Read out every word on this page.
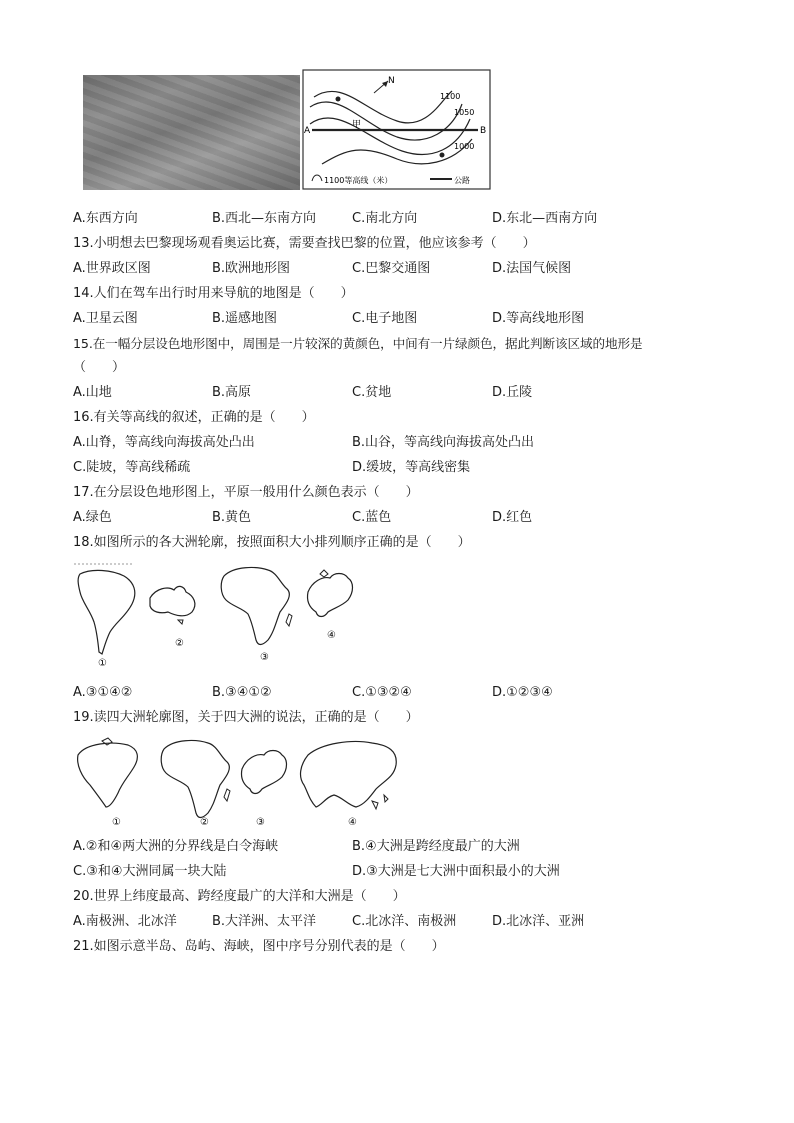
N
A	B
甲
1100
1050
1000
1100等高线（米）	公路
A.东西方向	B.西北—东南方向	C.南北方向	D.东北—西南方向
13.小明想去巴黎现场观看奥运比赛，需要查找巴黎的位置，他应该参考（　　）
A.世界政区图	B.欧洲地形图	C.巴黎交通图	D.法国气候图
14.人们在驾车出行时用来导航的地图是（　　）
A.卫星云图	B.遥感地图	C.电子地图	D.等高线地形图
15.在一幅分层设色地形图中，周围是一片较深的黄颜色，中间有一片绿颜色，据此判断该区域的地形是
（　　）
A.山地	B.高原	C.贫地	D.丘陵
16.有关等高线的叙述，正确的是（　　）
A.山脊，等高线向海拔高处凸出	B.山谷，等高线向海拔高处凸出
C.陡坡，等高线稀疏	D.缓坡，等高线密集
17.在分层设色地形图上，平原一般用什么颜色表示（　　）
A.绿色	B.黄色	C.蓝色	D.红色
18.如图所示的各大洲轮廓，按照面积大小排列顺序正确的是（　　）
①
②
③
④
A.③①④②	B.③④①②	C.①③②④	D.①②③④
19.读四大洲轮廓图，关于四大洲的说法，正确的是（　　）
①	②	③	④
A.②和④两大洲的分界线是白令海峡	B.④大洲是跨经度最广的大洲
C.③和④大洲同属一块大陆	D.③大洲是七大洲中面积最小的大洲
20.世界上纬度最高、跨经度最广的大洋和大洲是（　　）
A.南极洲、北冰洋	B.大洋洲、太平洋	C.北冰洋、南极洲	D.北冰洋、亚洲
21.如图示意半岛、岛屿、海峡，图中序号分别代表的是（　　）
